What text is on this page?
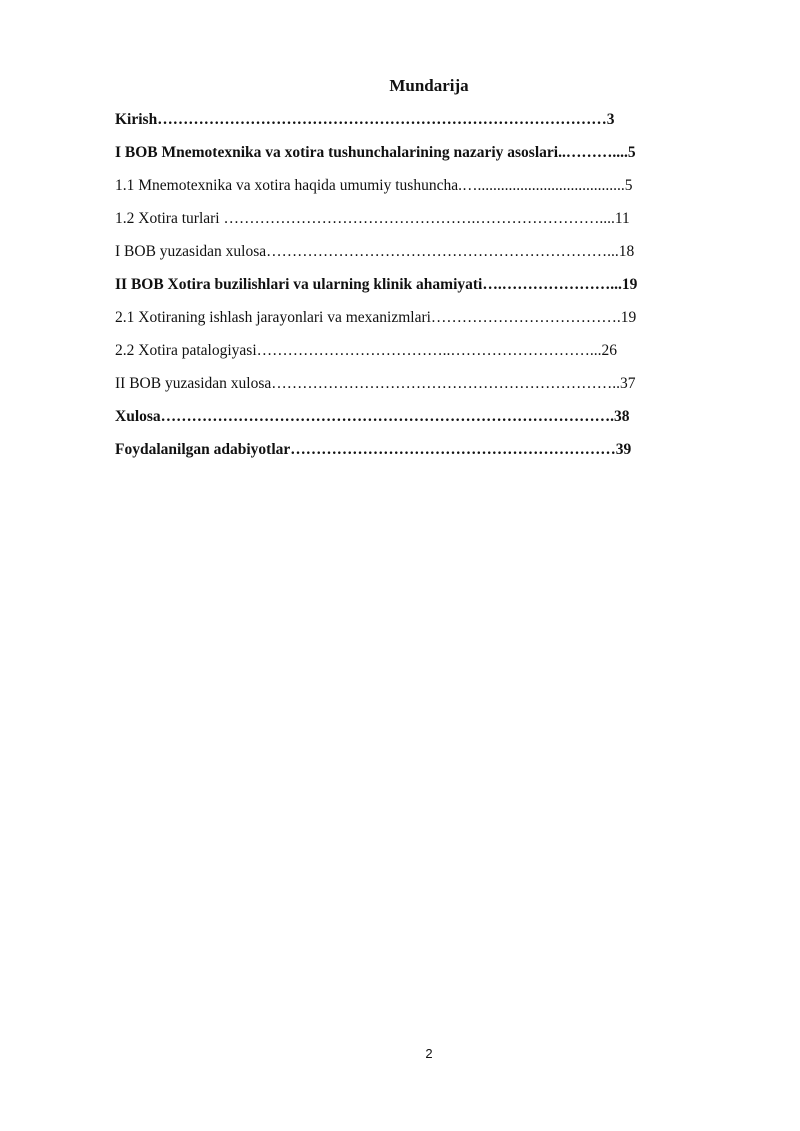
Mundarija
Kirish……………………………………………………………………………3
I BOB Mnemotexnika va xotira tushunchalarining nazariy asoslari..………....5
1.1 Mnemotexnika va xotira haqida umumiy tushuncha.…......................................5
1.2 Xotira turlari ………………………………………….……………………....11
I BOB yuzasidan xulosa…………………………………………………………...18
II BOB Xotira buzilishlari va ularning klinik ahamiyati….…………………...19
2.1 Xotiraning ishlash jarayonlari va mexanizmlari……………………………….19
2.2 Xotira patalogiyasi………………………………..………………………...26
II BOB yuzasidan xulosa…………………………………………………………..37
Xulosa…………………………………………………………………………….38
Foydalanilgan adabiyotlar………………………………………………………39
2
